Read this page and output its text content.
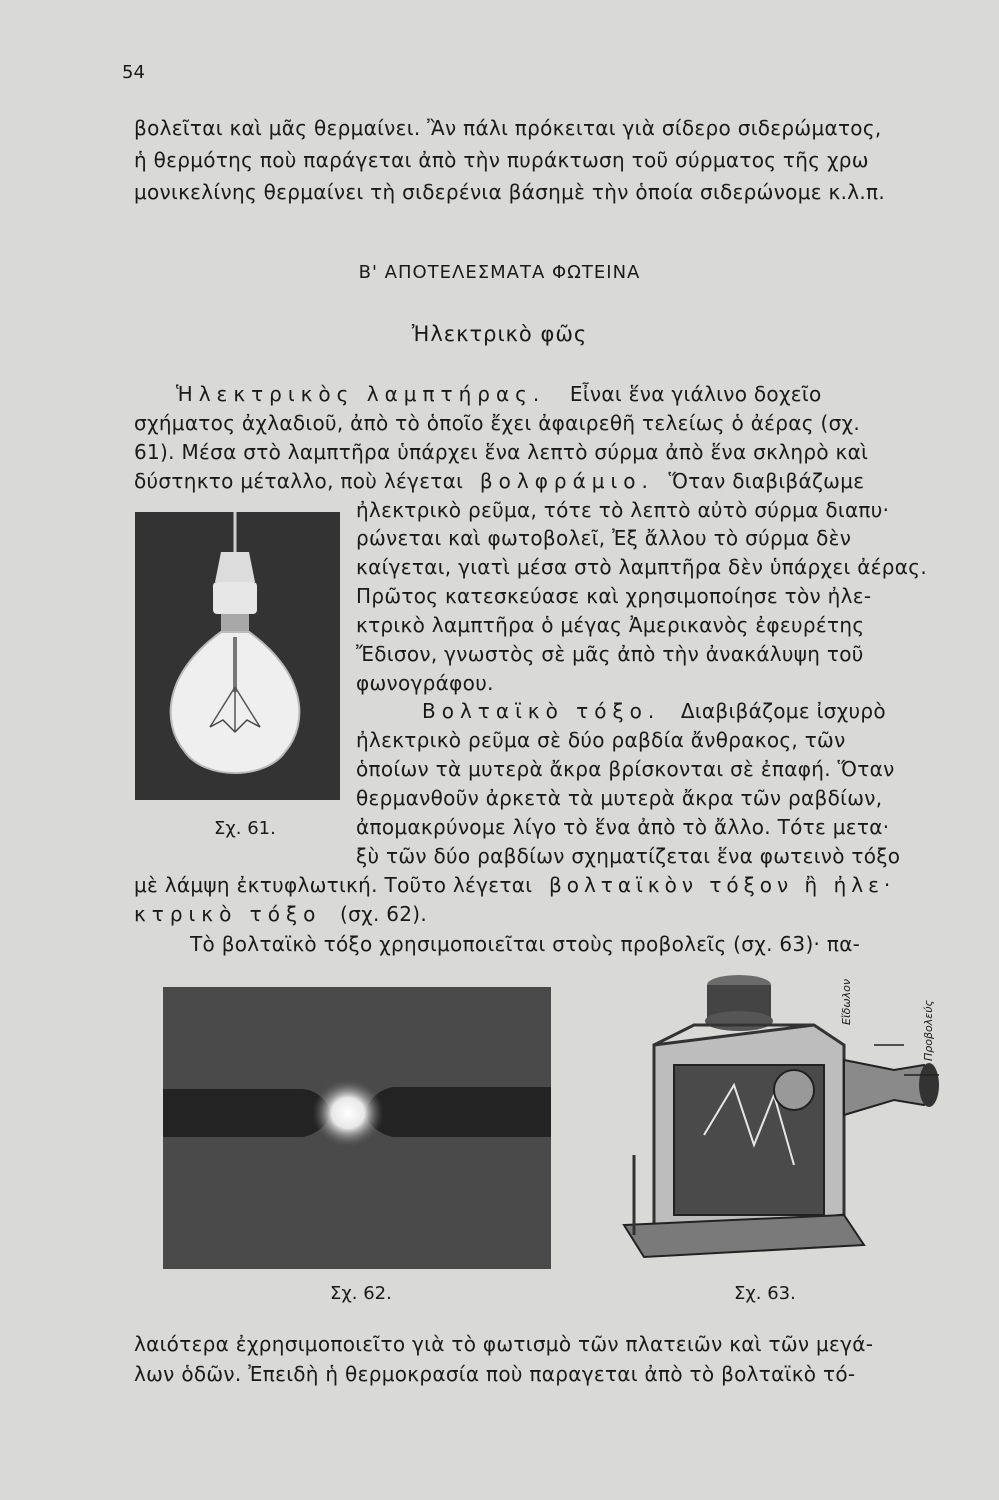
54
βολεῖται καὶ μᾶς θερμαίνει. Ἂν πάλι πρόκειται γιὰ σίδερο σιδερώματος,
ἡ θερμότης ποὺ παράγεται ἀπὸ τὴν πυράκτωση τοῦ σύρματος τῆς χρω
μονικελίνης θερμαίνει τὴ σιδερένια βάσημὲ τὴν ὁποία σιδερώνομε κ.λ.π.
Β' ΑΠΟΤΕΛΕΣΜΑΤΑ ΦΩΤΕΙΝΑ
Ἠλεκτρικὸ φῶς
Ἡλεκτρικὸς λαμπτήρας. Εἶναι ἕνα γιάλινο δοχεῖο
σχήματος ἀχλαδιοῦ, ἀπὸ τὸ ὁποῖο ἔχει ἀφαιρεθῆ τελείως ὁ ἀέρας (σχ.
61). Μέσα στὸ λαμπτῆρα ὑπάρχει ἕνα λεπτὸ σύρμα ἀπὸ ἕνα σκληρὸ καὶ
δύστηκτο μέταλλο, ποὺ λέγεται βολφράμιο. Ὅταν διαβιβάζωμε
ἠλεκτρικὸ ρεῦμα, τότε τὸ λεπτὸ αὐτὸ σύρμα διαπυ·
ρώνεται καὶ φωτοβολεῖ, Ἐξ ἄλλου τὸ σύρμα δὲν
καίγεται, γιατὶ μέσα στὸ λαμπτῆρα δὲν ὑπάρχει ἀέρας.
Πρῶτος κατεσκεύασε καὶ χρησιμοποίησε τὸν ἠλε-
κτρικὸ λαμπτῆρα ὁ μέγας Ἀμερικανὸς ἐφευρέτης
Ἔδισον, γνωστὸς σὲ μᾶς ἀπὸ τὴν ἀνακάλυψη τοῦ
φωνογράφου.
Σχ. 61.
Βολταϊκὸ τόξο. Διαβιβάζομε ἰσχυρὸ
ἠλεκτρικὸ ρεῦμα σὲ δύο ραβδία ἄνθρακος, τῶν
ὁποίων τὰ μυτερὰ ἄκρα βρίσκονται σὲ ἐπαφή. Ὅταν
θερμανθοῦν ἀρκετὰ τὰ μυτερὰ ἄκρα τῶν ραβδίων,
ἀπομακρύνομε λίγο τὸ ἕνα ἀπὸ τὸ ἄλλο. Τότε μετα·
ξὺ τῶν δύο ραβδίων σχηματίζεται ἕνα φωτεινὸ τόξο
μὲ λάμψη ἐκτυφλωτική. Τοῦτο λέγεται βολταϊκὸν τόξον ἢ ἠλε·
κτρικὸ τόξο (σχ. 62).
Τὸ βολταϊκὸ τόξο χρησιμοποιεῖται στοὺς προβολεῖς (σχ. 63)· πα-
Σχ. 62.
Εἴδωλον	Προβολεύς
Σχ. 63.
λαιότερα ἐχρησιμοποιεῖτο γιὰ τὸ φωτισμὸ τῶν πλατειῶν καὶ τῶν μεγά-
λων ὁδῶν. Ἐπειδὴ ἡ θερμοκρασία ποὺ παραγεται ἀπὸ τὸ βολταϊκὸ τό-
